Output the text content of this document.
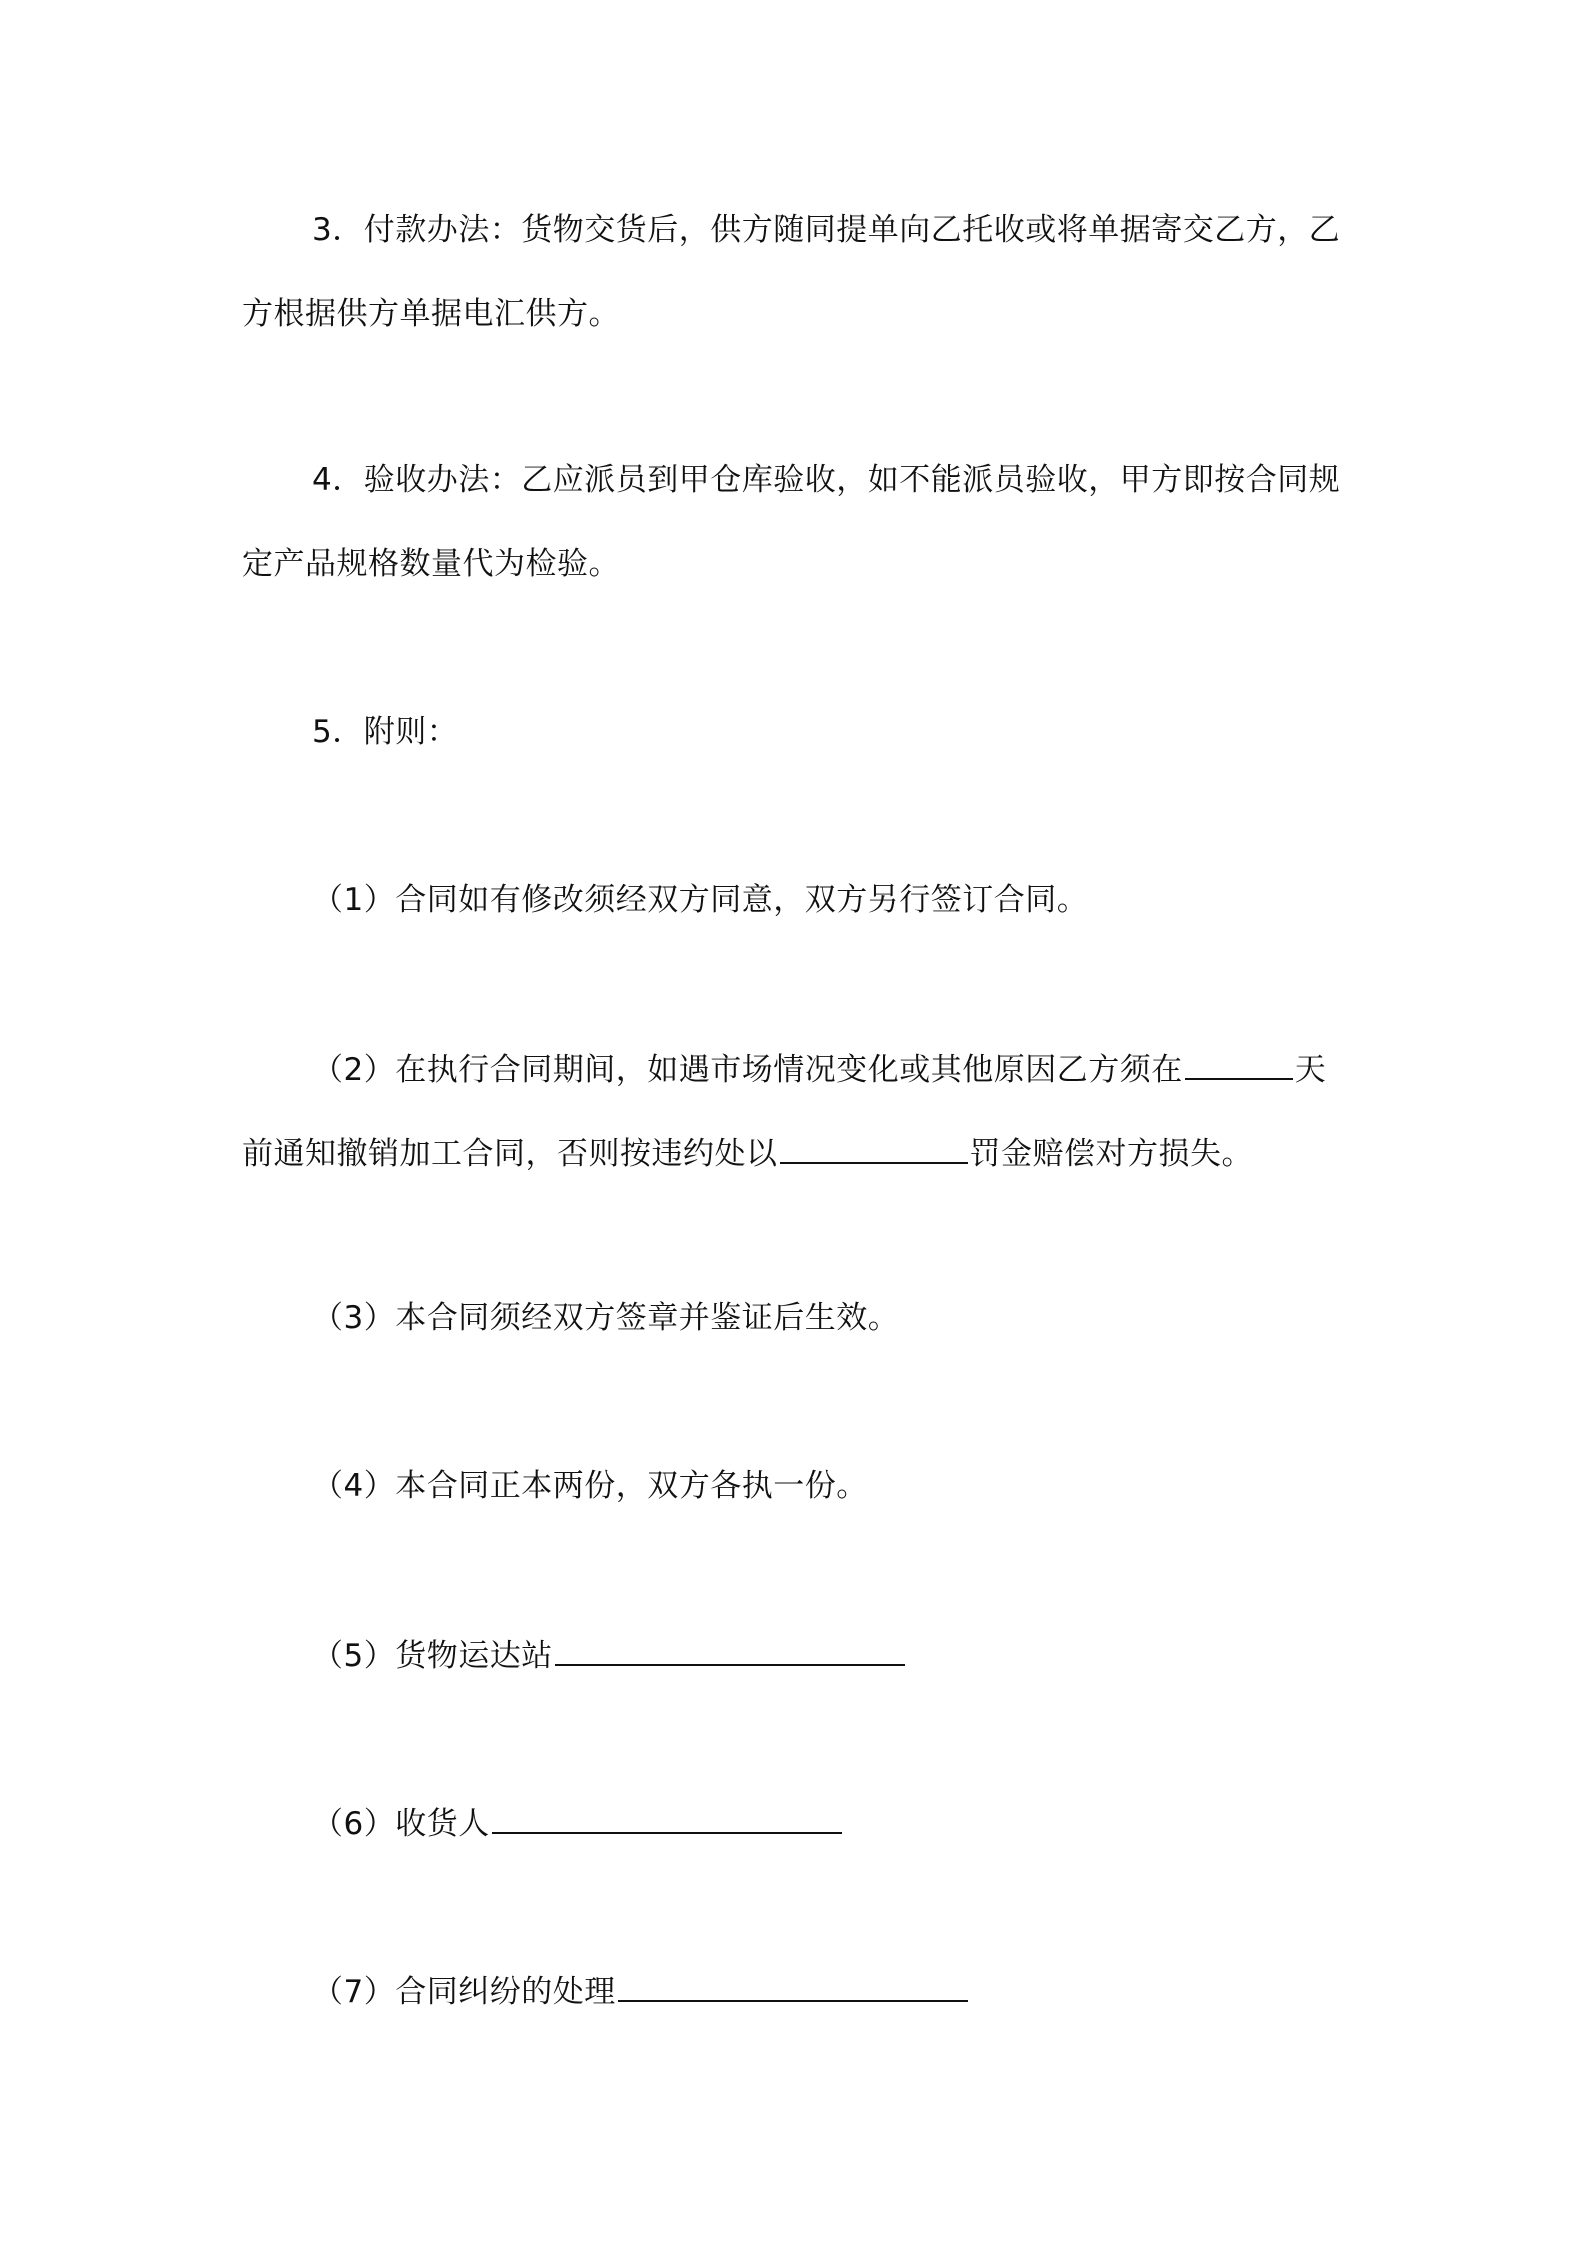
3．付款办法：货物交货后，供方随同提单向乙托收或将单据寄交乙方，乙
方根据供方单据电汇供方。
4．验收办法：乙应派员到甲仓库验收，如不能派员验收，甲方即按合同规
定产品规格数量代为检验。
5．附则：
（1）合同如有修改须经双方同意，双方另行签订合同。
（2）在执行合同期间，如遇市场情况变化或其他原因乙方须在	天
前通知撤销加工合同，否则按违约处以	罚金赔偿对方损失。
（3）本合同须经双方签章并鉴证后生效。
（4）本合同正本两份，双方各执一份。
（5）货物运达站
（6）收货人
（7）合同纠纷的处理
